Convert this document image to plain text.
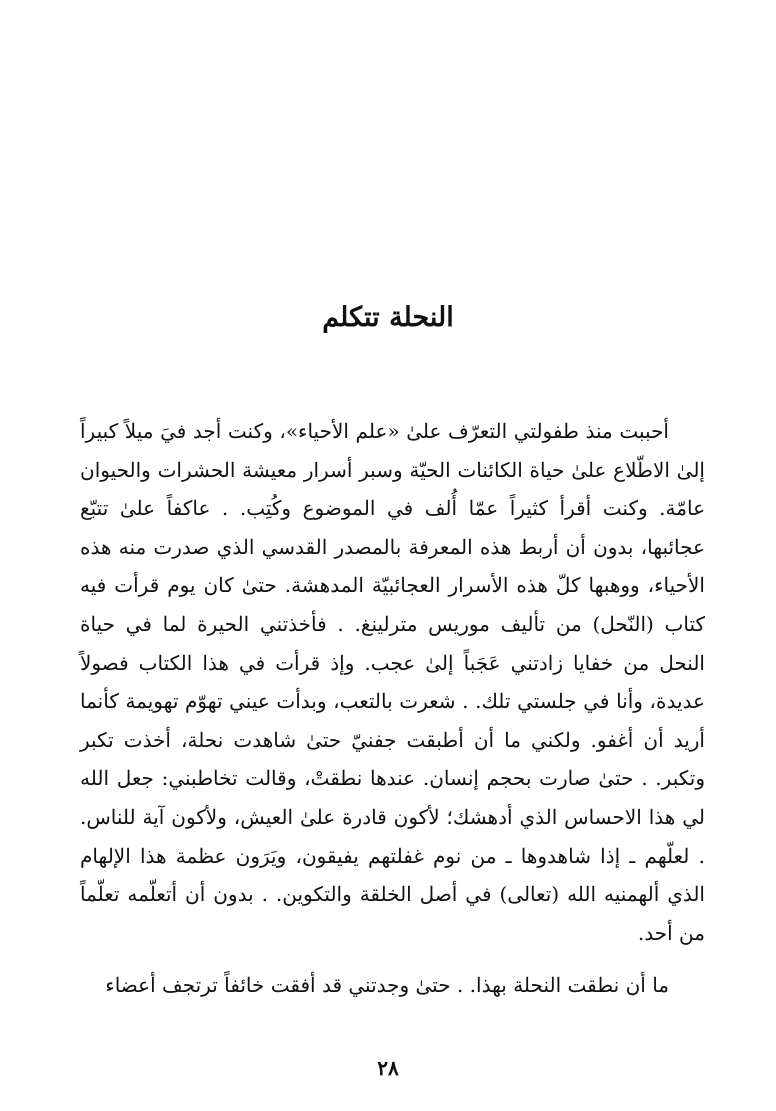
النحلة تتكلم

أحببت منذ طفولتي التعرّف علىٰ «علم الأحياء»، وكنت أجد فيَ ميلاً كبيراً إلىٰ الاطّلاع علىٰ حياة الكائنات الحيّة وسبر أسرار معيشة الحشرات والحيوان عامّة. وكنت أقرأ كثيراً عمّا أُلف في الموضوع وكُتِب. . عاكفاً علىٰ تتبّع عجائبها، بدون أن أربط هذه المعرفة بالمصدر القدسي الذي صدرت منه هذه الأحياء، ووهبها كلّ هذه الأسرار العجائبيّة المدهشة. حتىٰ كان يوم قرأت فيه كتاب (النّحل) من تأليف موريس مترلينغ. . فأخذتني الحيرة لما في حياة النحل من خفايا زادتني عَجَباً إلىٰ عجب. وإذ قرأت في هذا الكتاب فصولاً عديدة، وأنا في جلستي تلك. . شعرت بالتعب، وبدأت عيني تهوّم تهويمة كأنما أريد أن أغفو. ولكني ما أن أطبقت جفنيّ حتىٰ شاهدت نحلة، أخذت تكبر وتكبر. . حتىٰ صارت بحجم إنسان. عندها نطقتْ، وقالت تخاطبني: جعل الله لي هذا الاحساس الذي أدهشك؛ لأكون قادرة علىٰ العيش، ولأكون آية للناس. . لعلّهم ـ إذا شاهدوها ـ من نوم غفلتهم يفيقون، ويَرَون عظمة هذا الإلهام الذي ألهمنيه الله (تعالى) في أصل الخلقة والتكوين. . بدون أن أتعلّمه تعلّماً من أحد.

ما أن نطقت النحلة بهذا. . حتىٰ وجدتني قد أفقت خائفاً ترتجف أعضاء

٢٨
